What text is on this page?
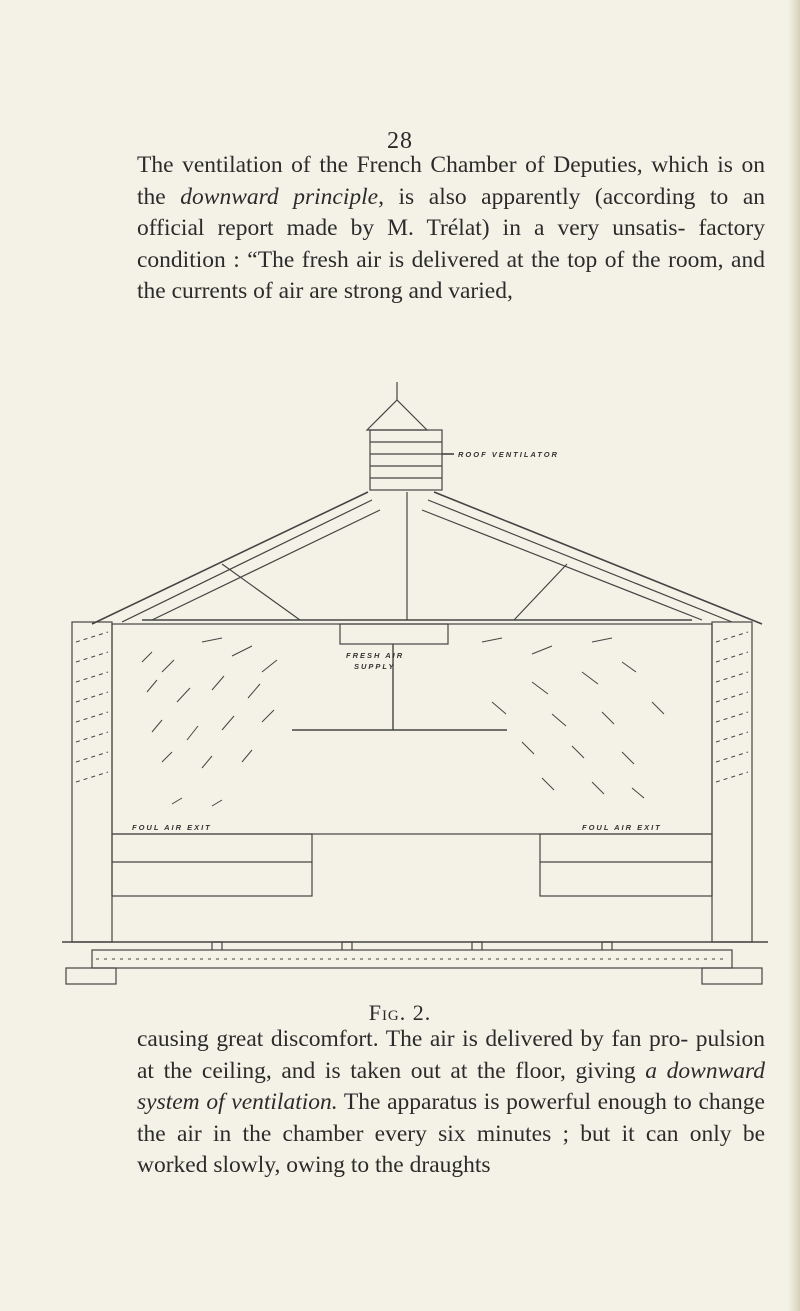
28

The ventilation of the French Chamber of Deputies, which is on the downward principle, is also apparently (according to an official report made by M. Trélat) in a very unsatis- factory condition : “The fresh air is delivered at the top of the room, and the currents of air are strong and varied,

ROOF VENTILATOR
FRESH AIR
SUPPLY
FOUL AIR EXIT	FOUL AIR EXIT
Fig. 2.

causing great discomfort. The air is delivered by fan pro- pulsion at the ceiling, and is taken out at the floor, giving a downward system of ventilation. The apparatus is powerful enough to change the air in the chamber every six minutes ; but it can only be worked slowly, owing to the draughts
